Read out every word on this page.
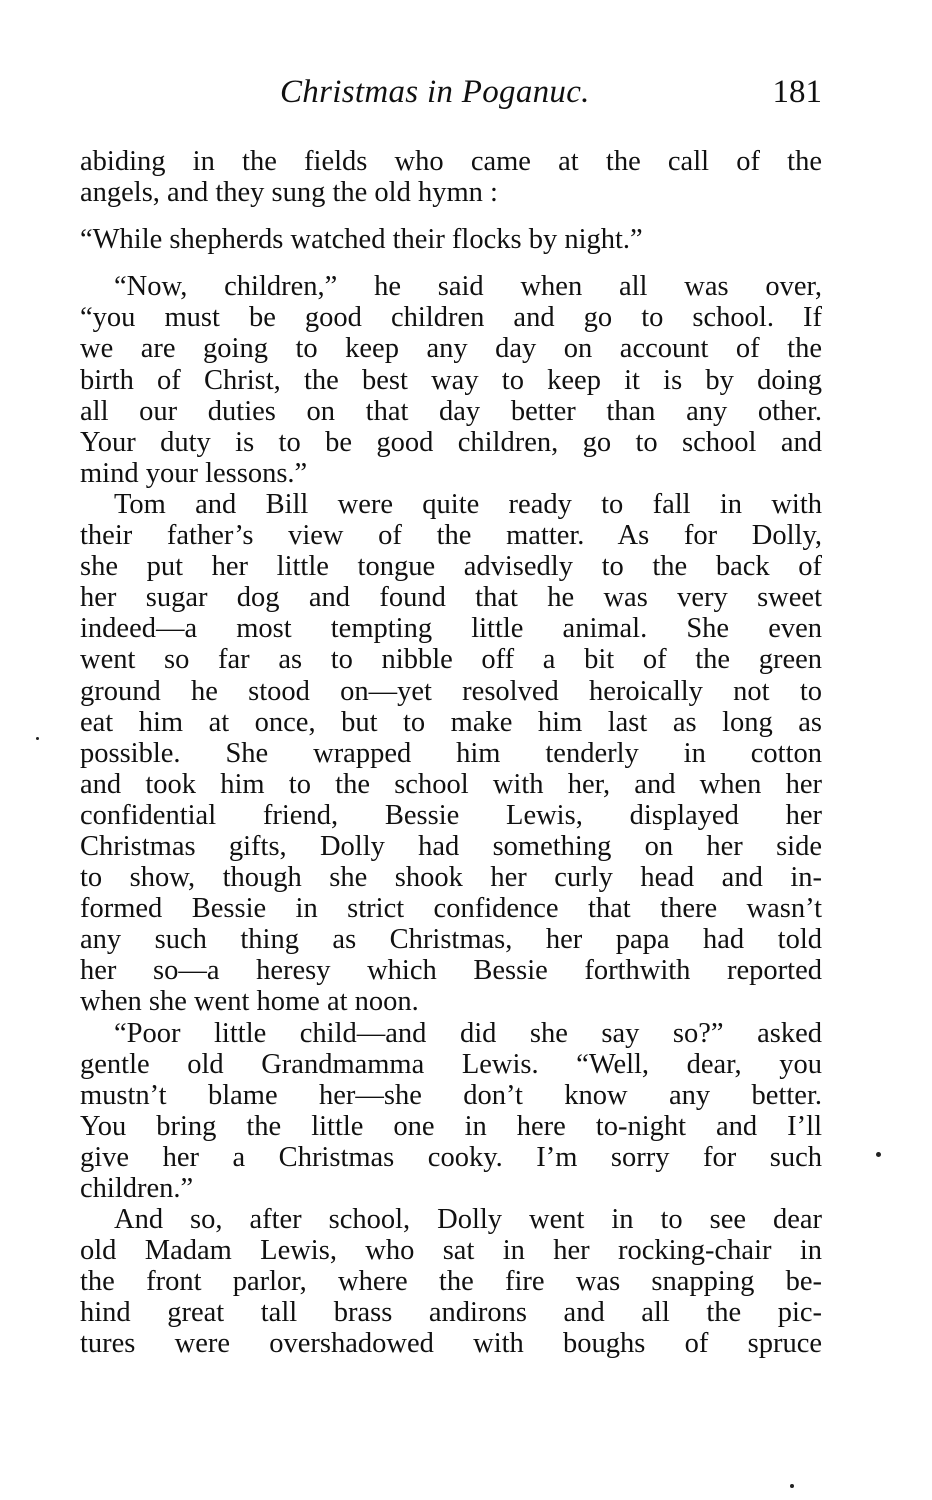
Christmas in Poganuc.	181
abiding in the fields who came at the call of the
angels, and they sung the old hymn :
“While shepherds watched their flocks by night.”
“Now, children,” he said when all was over,
“you must be good children and go to school. If
we are going to keep any day on account of the
birth of Christ, the best way to keep it is by doing
all our duties on that day better than any other.
Your duty is to be good children, go to school and
mind your lessons.”
Tom and Bill were quite ready to fall in with
their father’s view of the matter. As for Dolly,
she put her little tongue advisedly to the back of
her sugar dog and found that he was very sweet
indeed—a most tempting little animal. She even
went so far as to nibble off a bit of the green
ground he stood on—yet resolved heroically not to
eat him at once, but to make him last as long as
possible. She wrapped him tenderly in cotton
and took him to the school with her, and when her
confidential friend, Bessie Lewis, displayed her
Christmas gifts, Dolly had something on her side
to show, though she shook her curly head and in-
formed Bessie in strict confidence that there wasn’t
any such thing as Christmas, her papa had told
her so—a heresy which Bessie forthwith reported
when she went home at noon.
“Poor little child—and did she say so?” asked
gentle old Grandmamma Lewis. “Well, dear, you
mustn’t blame her—she don’t know any better.
You bring the little one in here to-night and I’ll
give her a Christmas cooky. I’m sorry for such
children.”
And so, after school, Dolly went in to see dear
old Madam Lewis, who sat in her rocking-chair in
the front parlor, where the fire was snapping be-
hind great tall brass andirons and all the pic-
tures were overshadowed with boughs of spruce
